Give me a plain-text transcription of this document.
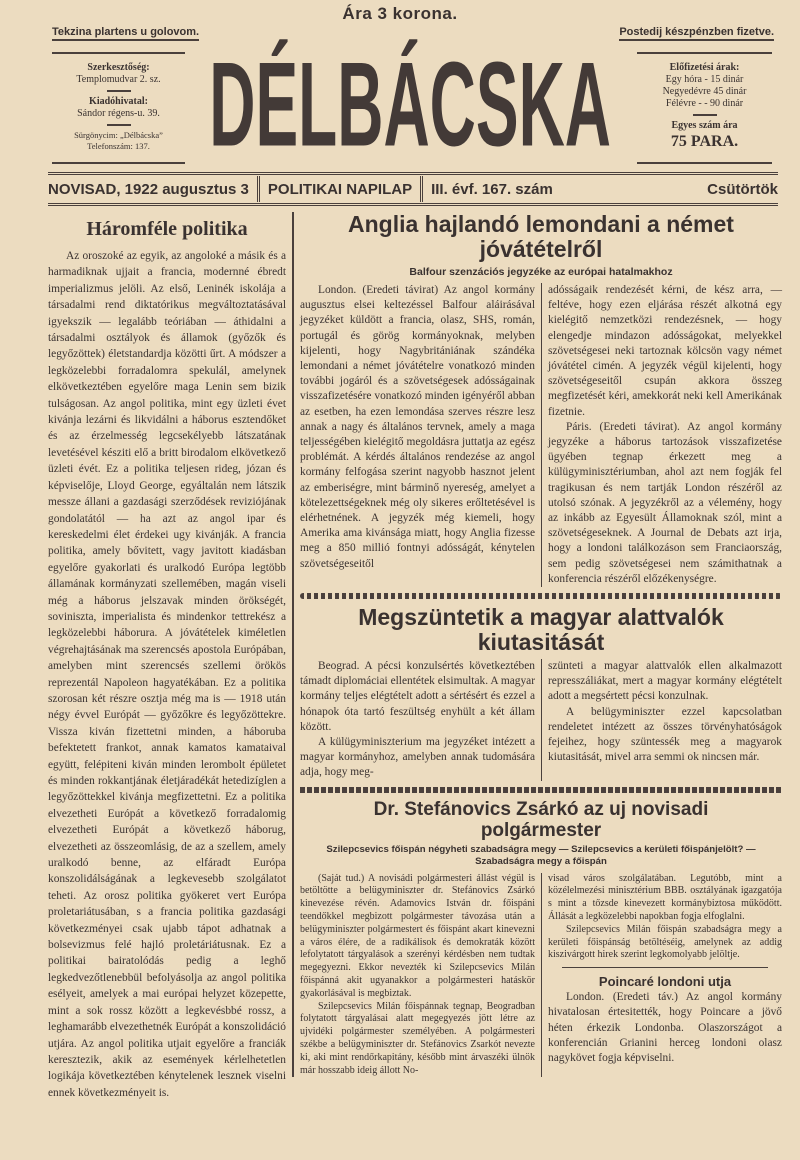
Ára 3 korona.
Tekzina plartens u golovom.	Postedij készpénzben fizetve.
Szerkesztőség:
Templomudvar 2. sz.
Kiadóhivatal:
Sándor régens-u. 39.
Sürgönycim: „Délbácska”
Telefonszám: 137. DÉLBÁCSKA	Előfizetési árak:
Egy hóra - 15 dinár
Negyedévre 45 dinár
Félévre - - 90 dinár
Egyes szám ára
75 PARA.
NOVISAD, 1922 augusztus 3 POLITIKAI NAPILAP III. évf. 167. szám	Csütörtök
Háromféle politika

Az oroszoké az egyik, az angoloké a másik és a harmadiknak ujjait a francia, modernné ébredt imperializmus jelöli. Az első, Leninék iskolája a társadalmi rend diktatórikus megváltoztatásával igyekszik — legalább teóriában — áthidalni a társadalmi osztályok és államok (győzők és legyőzöttek) életstandardja közötti űrt. A módszer a legközelebbi forradalomra spekulál, amelynek elkövetkeztében egyelőre maga Lenin sem bizik tulságosan. Az angol politika, mint egy üzleti évet kivánja lezárni és likvidálni a háborus esztendőket és az érzelmesség legcsekélyebb látszatának levetésével késziti elő a britt birodalom elkövetkező üzleti évét. Ez a politika teljesen rideg, józan és képviselője, Lloyd George, egyáltalán nem látszik messze állani a gazdasági szerződések reviziójának gondolatától — ha azt az angol ipar és kereskedelmi élet érdekei ugy kivánják. A francia politika, amely bővitett, vagy javitott kiadásban egyelőre gyakorlati és uralkodó Európa legtöbb államának kormányzati szellemében, magán viseli még a háborus jelszavak minden örökségét, soviniszta, imperialista és mindenkor tettrekész a legközelebbi háborura. A jóvátételek kiméletlen végrehajtásának ma szerencsés apostola Európában, amelyben mint szerencsés szellemi örökös reprezentál Napoleon hagyatékában. Ez a politika szorosan két részre osztja még ma is — 1918 után négy évvel Európát — győzőkre és legyőzöttekre. Vissza kiván fizettetni minden, a háboruba befektetett frankot, annak kamatos kamataival együtt, felépiteni kiván minden lerombolt épületet és minden rokkantjának életjáradékát hetedizíglen a legyőzöttekkel kivánja megfizettetni. Ez a politika elvezetheti Európát a következő forradalomig elvezetheti Európát a következő háborug, elvezetheti az összeomlásig, de az a szellem, amely uralkodó benne, az elfáradt Európa konszolidálságának a legkevesebb szolgálatot teheti. Az orosz politika gyökeret vert Európa proletariátusában, s a francia politika gazdasági következményei csak ujabb tápot adhatnak a bolsevizmus felé hajló proletáriátusnak. Ez a politikai bairatolódás pedig a leghő legkedvezőtlenebbül befolyásolja az angol politika esélyeit, amelyek a mai európai helyzet közepette, mint a sok rossz között a legkevésbbé rossz, a leghamarább elvezethetnék Európát a konszolidáció utjára. Az angol politika utjait egyelőre a franciák keresztezik, akik az események kérlelhetetlen logikája következtében kénytelenek lesznek viselni ennek következményeit is.

Anglia hajlandó lemondani a német jóvátételről
Balfour szenzációs jegyzéke az európai hatalmakhoz

London. (Eredeti távirat) Az angol kormány augusztus elsei keltezéssel Balfour aláirásával jegyzéket küldött a francia, olasz, SHS, román, portugál és görög kormányoknak, melyben kijelenti, hogy Nagybritániának szándéka lemondani a német jóvátételre vonatkozó minden további jogáról és a szövetségesek adósságainak visszafizetésére vonatkozó minden igényéről abban az esetben, ha ezen lemondása szerves részre lesz annak a nagy és általános tervnek, amely a maga teljességében kielégitő megoldásra juttatja az egész problémát. A kérdés általános rendezése az angol kormány felfogása szerint nagyobb hasznot jelent az emberiségre, mint bárminő nyereség, amelyet a kötelezettségeknek még oly sikeres erőltetésével is elérhetnének. A jegyzék még kiemeli, hogy Amerika ama kivánsága miatt, hogy Anglia fizesse meg a 850 millió fontnyi adósságát, kénytelen szövetségeseitől

adósságaik rendezését kérni, de kész arra, — feltéve, hogy ezen eljárása részét alkotná egy kielégitő nemzetközi rendezésnek, — hogy elengedje mindazon adósságokat, melyekkel szövetségesei neki tartoznak kölcsön vagy német jóvátétel cimén. A jegyzék végül kijelenti, hogy szövetségeseitől csupán akkora összeg megfizetését kéri, amekkorát neki kell Amerikának fizetnie.

Páris. (Eredeti távirat). Az angol kormány jegyzéke a háborus tartozások visszafizetése ügyében tegnap érkezett meg a külügyminisztériumban, ahol azt nem fogják fel tragikusan és nem tartják London részéről az utolsó szónak. A jegyzékről az a vélemény, hogy az inkább az Egyesült Államoknak szól, mint a szövetségeseknek. A Journal de Debats azt irja, hogy a londoni találkozáson sem Franciaország, sem pedig szövetségesei nem számithatnak a konferencia részéről előzékenységre.

Megszüntetik a magyar alattvalók kiutasitását

Beograd. A pécsi konzulsértés következtében támadt diplomáciai ellentétek elsimultak. A magyar kormány teljes elégtételt adott a sértésért és ezzel a hónapok óta tartó feszültség enyhült a két állam között.

A külügyminiszterium ma jegyzéket intézett a magyar kormányhoz, amelyben annak tudomására adja, hogy meg-

szünteti a magyar alattvalók ellen alkalmazott represszáliákat, mert a magyar kormány elégtételt adott a megsértett pécsi konzulnak.

A belügyminiszter ezzel kapcsolatban rendeletet intézett az összes törvényhatóságok fejeihez, hogy szüntessék meg a magyarok kiutasitását, mivel arra semmi ok nincsen már.

Dr. Stefánovics Zsárkó az uj novisadi polgármester
Szilepcsevics főispán négyheti szabadságra megy — Szilepcsevics a kerületi főispánjelölt? — Szabadságra megy a főispán

(Saját tud.) A novisádi polgármesteri állást végül is betöltötte a belügyminiszter dr. Stefánovics Zsárkó kinevezése révén. Adamovics István dr. főispáni teendőkkel megbizott polgármester távozása után a belügyminiszter polgármestert és főispánt akart kinevezni a város élére, de a radikálisok és demokraták között lefolytatott tárgyalások a szerényi kérdésben nem tudtak megegyezni. Ekkor nevezték ki Szilepcsevics Milán főispánná akit ugyanakkor a polgármesteri hatáskör gyakorlásával is megbiztak.

Szilepcsevics Milán főispánnak tegnap, Beogradban folytatott tárgyalásai alatt megegyezés jött létre az ujvidéki polgármester személyében. A polgármesteri székbe a belügyminiszter dr. Stefánovics Zsarkót nevezte ki, aki mint rendőrkapitány, később mint árvaszéki ülnök már hosszabb ideig állott No-

visad város szolgálatában. Legutóbb, mint a közélelmezési minisztérium BBB. osztályának igazgatója s mint a tőzsde kinevezett kormánybiztosa működött. Állását a legközelebbi napokban fogja elfoglalni.

Szilepcsevics Milán főispán szabadságra megy a kerületi főispánság betöltéséig, amelynek az addig kiszivárgott hirek szerint legkomolyabb jelöltje.

Poincaré londoni utja

London. (Eredeti táv.) Az angol kormány hivatalosan értesitették, hogy Poincare a jövő héten érkezik Londonba. Olaszországot a konferencián Grianini herceg londoni olasz nagykövet fogja képviselni.
